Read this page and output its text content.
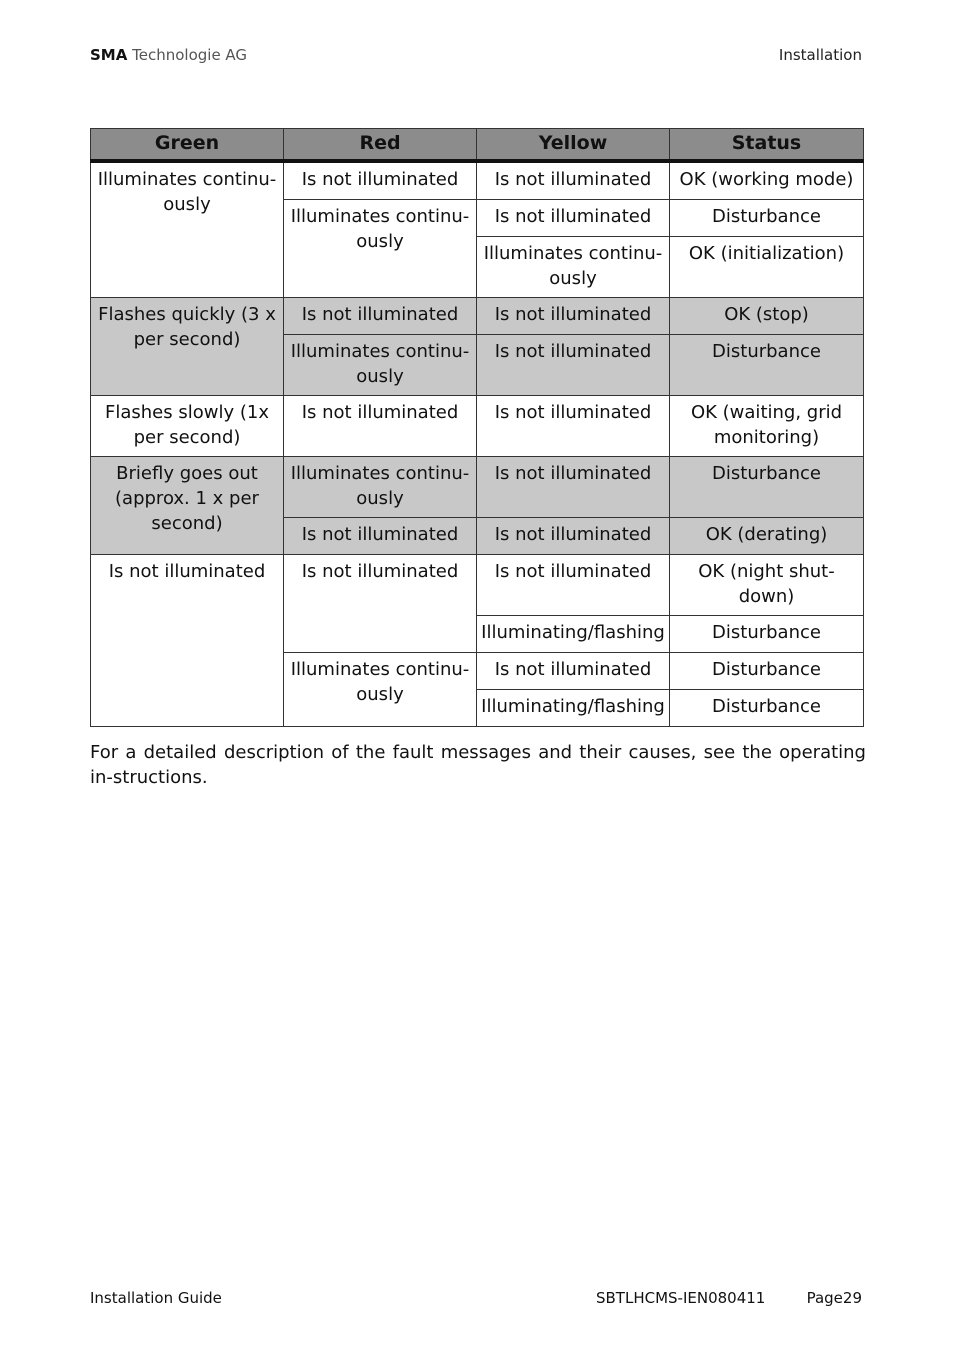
SMA Technologie AG	Installation
Green	Red	Yellow	Status
Illuminates continu-ously	Is not illuminated	Is not illuminated	OK (working mode)
	Illuminates continu-ously	Is not illuminated	Disturbance
		Illuminates continu-ously	OK (initialization)
Flashes quickly (3 x per second)	Is not illuminated	Is not illuminated	OK (stop)
	Illuminates continu-ously	Is not illuminated	Disturbance
Flashes slowly (1x per second)	Is not illuminated	Is not illuminated	OK (waiting, grid monitoring)
Briefly goes out (approx. 1 x per second)	Illuminates continu-ously	Is not illuminated	Disturbance
	Is not illuminated	Is not illuminated	OK (derating)
Is not illuminated	Is not illuminated	Is not illuminated	OK (night shut-down)
		Illuminating/flashing	Disturbance
	Illuminates continu-ously	Is not illuminated	Disturbance
		Illuminating/flashing	Disturbance

For a detailed description of the fault messages and their causes, see the operating in-structions.

Installation Guide	SBTLHCMS-IEN080411	Page29
